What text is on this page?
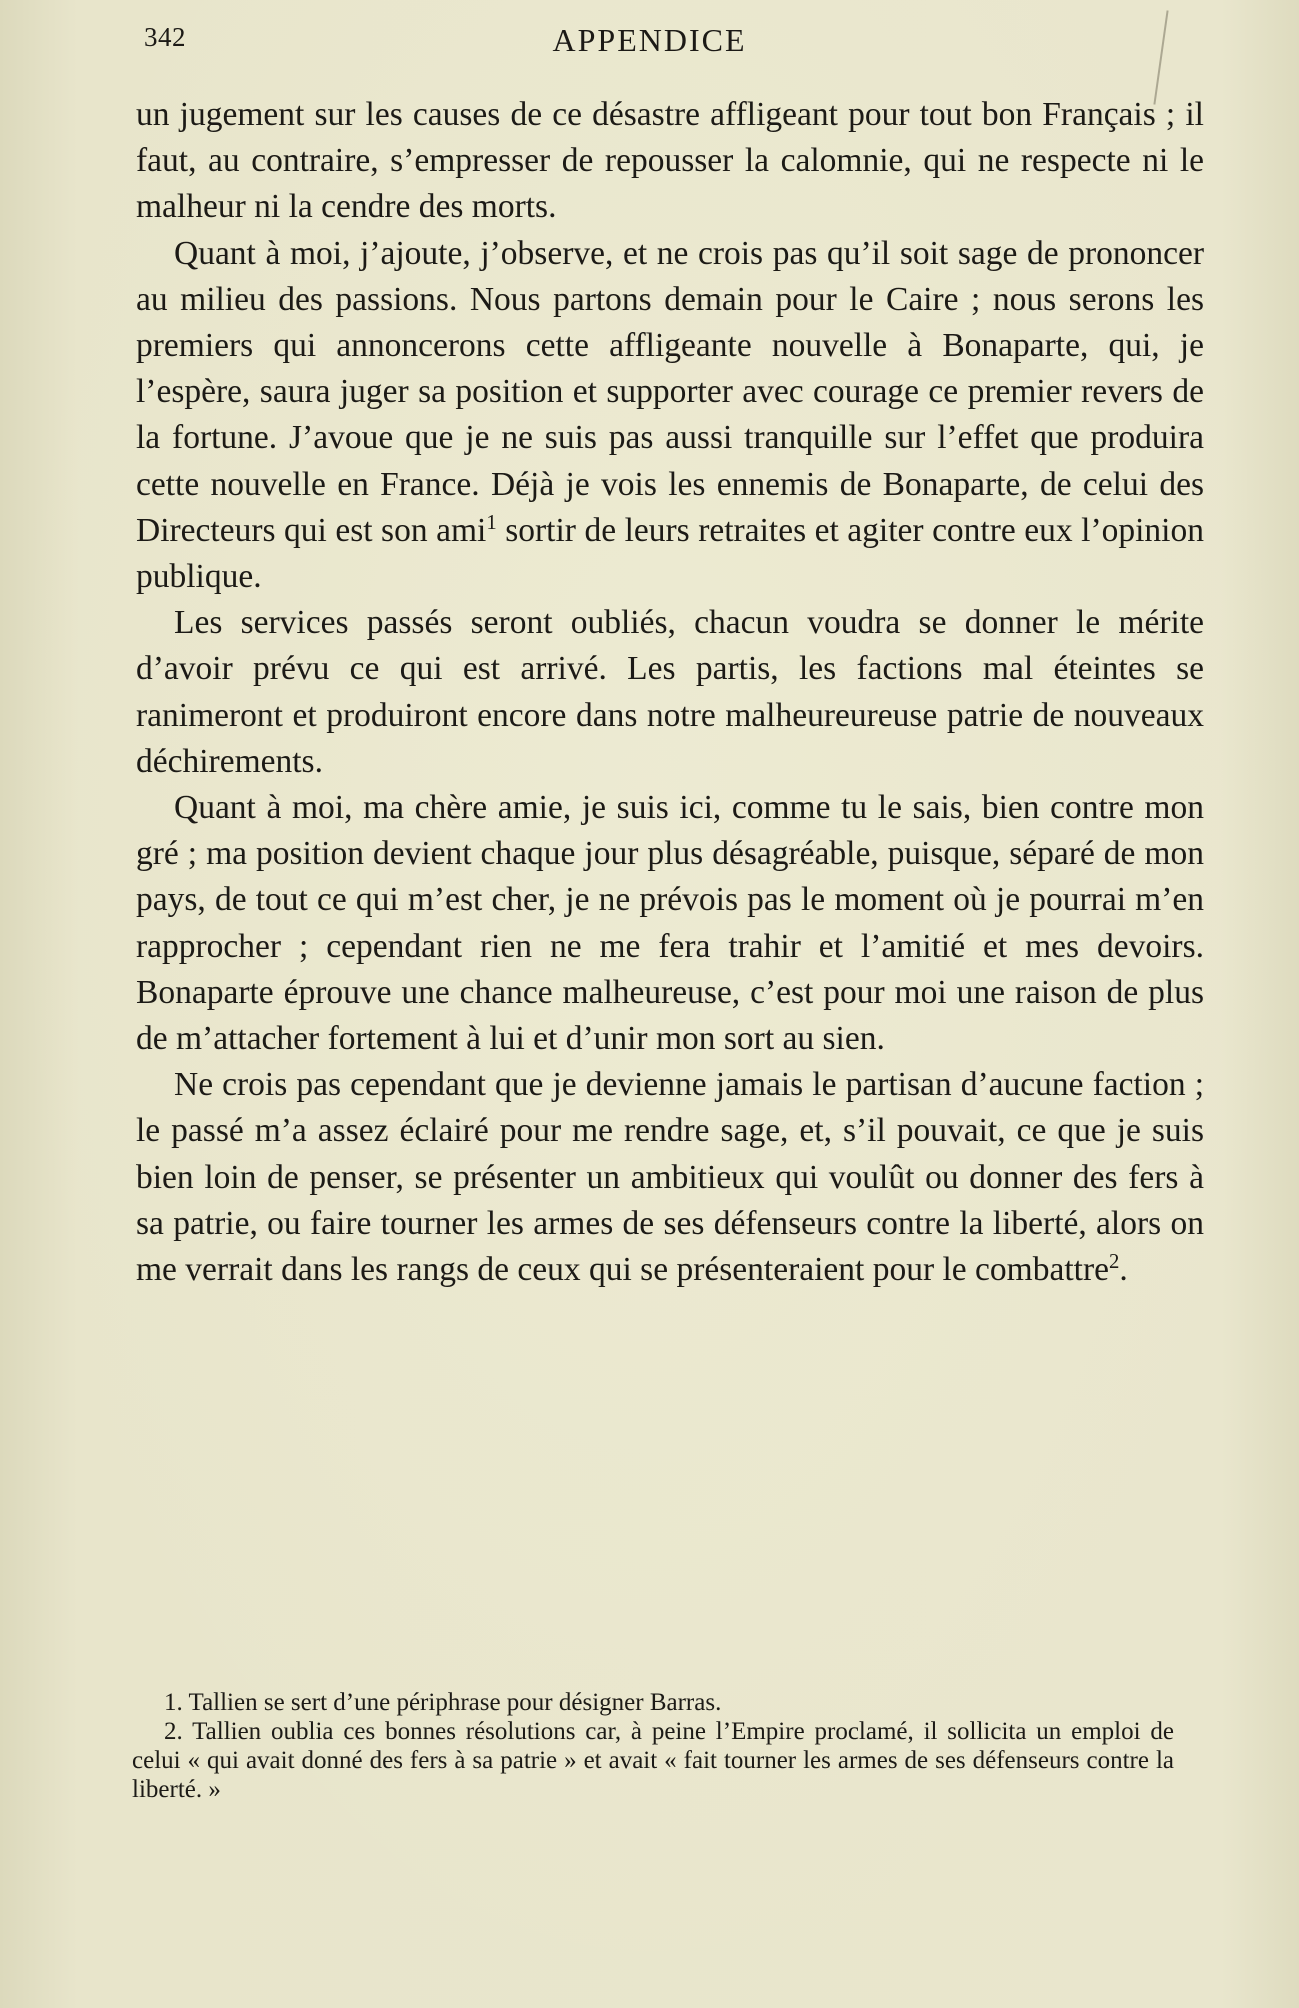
342	APPENDICE

un jugement sur les causes de ce désastre affligeant pour tout bon Français ; il faut, au contraire, s’empresser de repousser la calomnie, qui ne respecte ni le malheur ni la cendre des morts.

Quant à moi, j’ajoute, j’observe, et ne crois pas qu’il soit sage de prononcer au milieu des passions. Nous partons demain pour le Caire ; nous serons les premiers qui annoncerons cette affligeante nouvelle à Bonaparte, qui, je l’espère, saura juger sa position et supporter avec courage ce premier revers de la fortune. J’avoue que je ne suis pas aussi tranquille sur l’effet que produira cette nouvelle en France. Déjà je vois les ennemis de Bonaparte, de celui des Directeurs qui est son ami$^1$ sortir de leurs retraites et agiter contre eux l’opinion publique.

Les services passés seront oubliés, chacun voudra se donner le mérite d’avoir prévu ce qui est arrivé. Les partis, les factions mal éteintes se ranimeront et produiront encore dans notre malheureureuse patrie de nouveaux déchirements.

Quant à moi, ma chère amie, je suis ici, comme tu le sais, bien contre mon gré ; ma position devient chaque jour plus désagréable, puisque, séparé de mon pays, de tout ce qui m’est cher, je ne prévois pas le moment où je pourrai m’en rapprocher ; cependant rien ne me fera trahir et l’amitié et mes devoirs. Bonaparte éprouve une chance malheureuse, c’est pour moi une raison de plus de m’attacher fortement à lui et d’unir mon sort au sien.

Ne crois pas cependant que je devienne jamais le partisan d’aucune faction ; le passé m’a assez éclairé pour me rendre sage, et, s’il pouvait, ce que je suis bien loin de penser, se présenter un ambitieux qui voulût ou donner des fers à sa patrie, ou faire tourner les armes de ses défenseurs contre la liberté, alors on me verrait dans les rangs de ceux qui se présenteraient pour le combattre$^2$.

1. Tallien se sert d’une périphrase pour désigner Barras.

2. Tallien oublia ces bonnes résolutions car, à peine l’Empire proclamé, il sollicita un emploi de celui « qui avait donné des fers à sa patrie » et avait « fait tourner les armes de ses défenseurs contre la liberté. »
